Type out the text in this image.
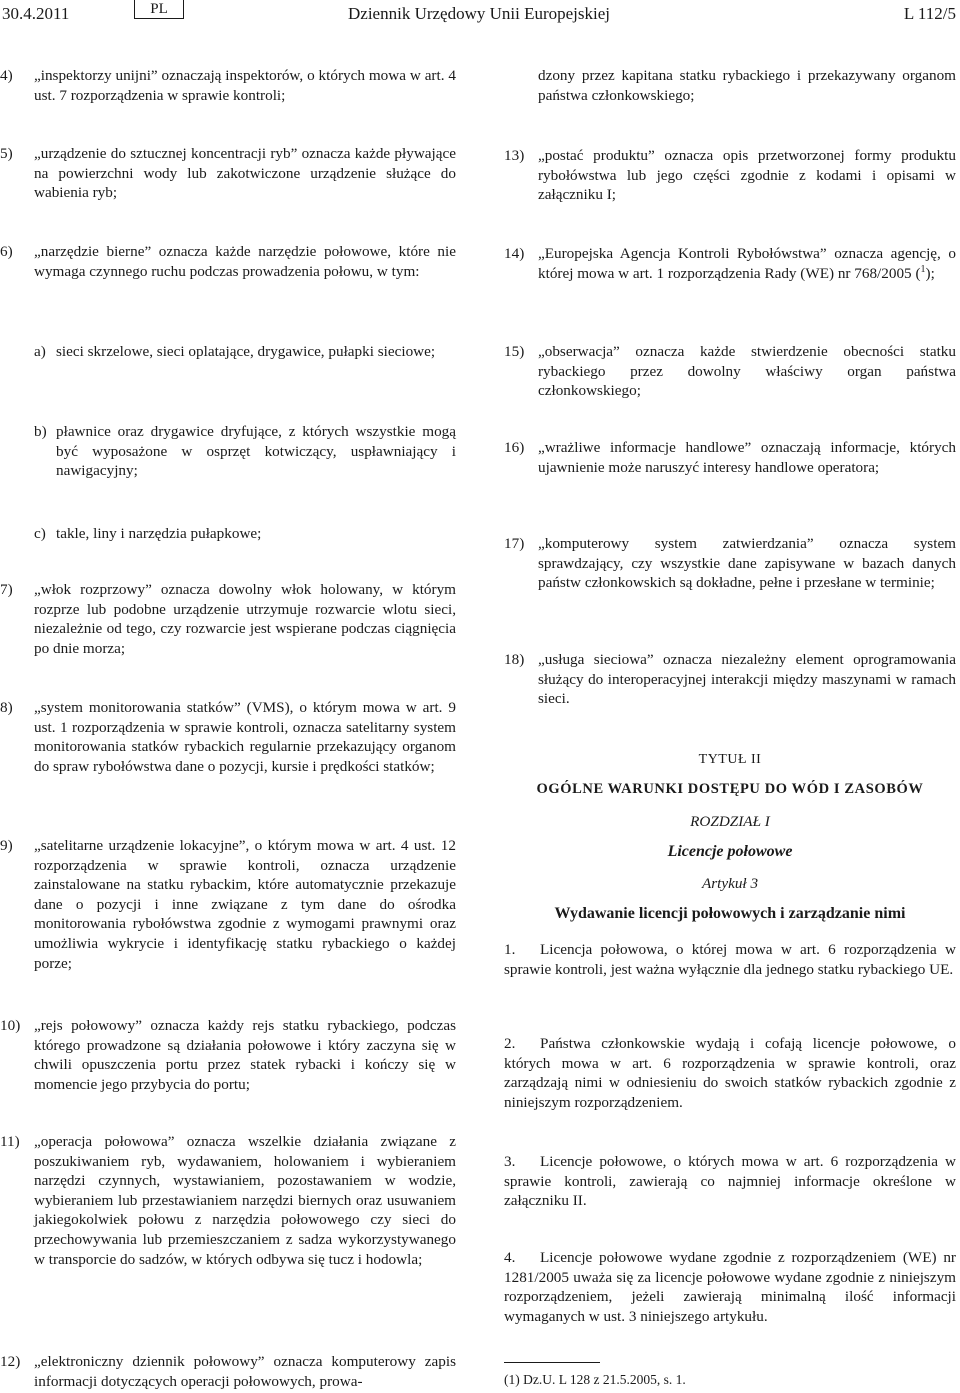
30.4.2011	PL	Dziennik Urzędowy Unii Europejskiej	L 112/5
4) „inspektorzy unijni” oznaczają inspektorów, o których mowa w art. 4 ust. 7 rozporządzenia w sprawie kontroli;
5) „urządzenie do sztucznej koncentracji ryb” oznacza każde pływające na powierzchni wody lub zakotwiczone urządzenie służące do wabienia ryb;
6) „narzędzie bierne” oznacza każde narzędzie połowowe, które nie wymaga czynnego ruchu podczas prowadzenia połowu, w tym:
a) sieci skrzelowe, sieci oplatające, drygawice, pułapki sieciowe;
b) pławnice oraz drygawice dryfujące, z których wszystkie mogą być wyposażone w osprzęt kotwiczący, uspławniający i nawigacyjny;
c) takle, liny i narzędzia pułapkowe;
7) „włok rozprzowy” oznacza dowolny włok holowany, w którym rozprze lub podobne urządzenie utrzymuje rozwarcie wlotu sieci, niezależnie od tego, czy rozwarcie jest wspierane podczas ciągnięcia po dnie morza;
8) „system monitorowania statków” (VMS), o którym mowa w art. 9 ust. 1 rozporządzenia w sprawie kontroli, oznacza satelitarny system monitorowania statków rybackich regularnie przekazujący organom do spraw rybołówstwa dane o pozycji, kursie i prędkości statków;
9) „satelitarne urządzenie lokacyjne”, o którym mowa w art. 4 ust. 12 rozporządzenia w sprawie kontroli, oznacza urządzenie zainstalowane na statku rybackim, które automatycznie przekazuje dane o pozycji i inne związane z tym dane do ośrodka monitorowania rybołówstwa zgodnie z wymogami prawnymi oraz umożliwia wykrycie i identyfikację statku rybackiego o każdej porze;
10) „rejs połowowy” oznacza każdy rejs statku rybackiego, podczas którego prowadzone są działania połowowe i który zaczyna się w chwili opuszczenia portu przez statek rybacki i kończy się w momencie jego przybycia do portu;
11) „operacja połowowa” oznacza wszelkie działania związane z poszukiwaniem ryb, wydawaniem, holowaniem i wybieraniem narzędzi czynnych, wystawianiem, pozostawaniem w wodzie, wybieraniem lub przestawianiem narzędzi biernych oraz usuwaniem jakiegokolwiek połowu z narzędzia połowowego czy sieci do przechowywania lub przemieszczaniem z sadza wykorzystywanego w transporcie do sadzów, w których odbywa się tucz i hodowla;
12) „elektroniczny dziennik połowowy” oznacza komputerowy zapis informacji dotyczących operacji połowowych, prowa-
dzony przez kapitana statku rybackiego i przekazywany organom państwa członkowskiego;
13) „postać produktu” oznacza opis przetworzonej formy produktu rybołówstwa lub jego części zgodnie z kodami i opisami w załączniku I;
14) „Europejska Agencja Kontroli Rybołówstwa” oznacza agencję, o której mowa w art. 1 rozporządzenia Rady (WE) nr 768/2005 ($^1$);
15) „obserwacja” oznacza każde stwierdzenie obecności statku rybackiego przez dowolny właściwy organ państwa członkowskiego;
16) „wrażliwe informacje handlowe” oznaczają informacje, których ujawnienie może naruszyć interesy handlowe operatora;
17) „komputerowy system zatwierdzania” oznacza system sprawdzający, czy wszystkie dane zapisywane w bazach danych państw członkowskich są dokładne, pełne i przesłane w terminie;
18) „usługa sieciowa” oznacza niezależny element oprogramowania służący do interoperacyjnej interakcji między maszynami w ramach sieci.
TYTUŁ II
OGÓLNE WARUNKI DOSTĘPU DO WÓD I ZASOBÓW
ROZDZIAŁ I
Licencje połowowe
Artykuł 3
Wydawanie licencji połowowych i zarządzanie nimi
1. Licencja połowowa, o której mowa w art. 6 rozporządzenia w sprawie kontroli, jest ważna wyłącznie dla jednego statku rybackiego UE.
2. Państwa członkowskie wydają i cofają licencje połowowe, o których mowa w art. 6 rozporządzenia w sprawie kontroli, oraz zarządzają nimi w odniesieniu do swoich statków rybackich zgodnie z niniejszym rozporządzeniem.
3. Licencje połowowe, o których mowa w art. 6 rozporządzenia w sprawie kontroli, zawierają co najmniej informacje określone w załączniku II.
4. Licencje połowowe wydane zgodnie z rozporządzeniem (WE) nr 1281/2005 uważa się za licencje połowowe wydane zgodnie z niniejszym rozporządzeniem, jeżeli zawierają minimalną ilość informacji wymaganych w ust. 3 niniejszego artykułu.
(1) Dz.U. L 128 z 21.5.2005, s. 1.
